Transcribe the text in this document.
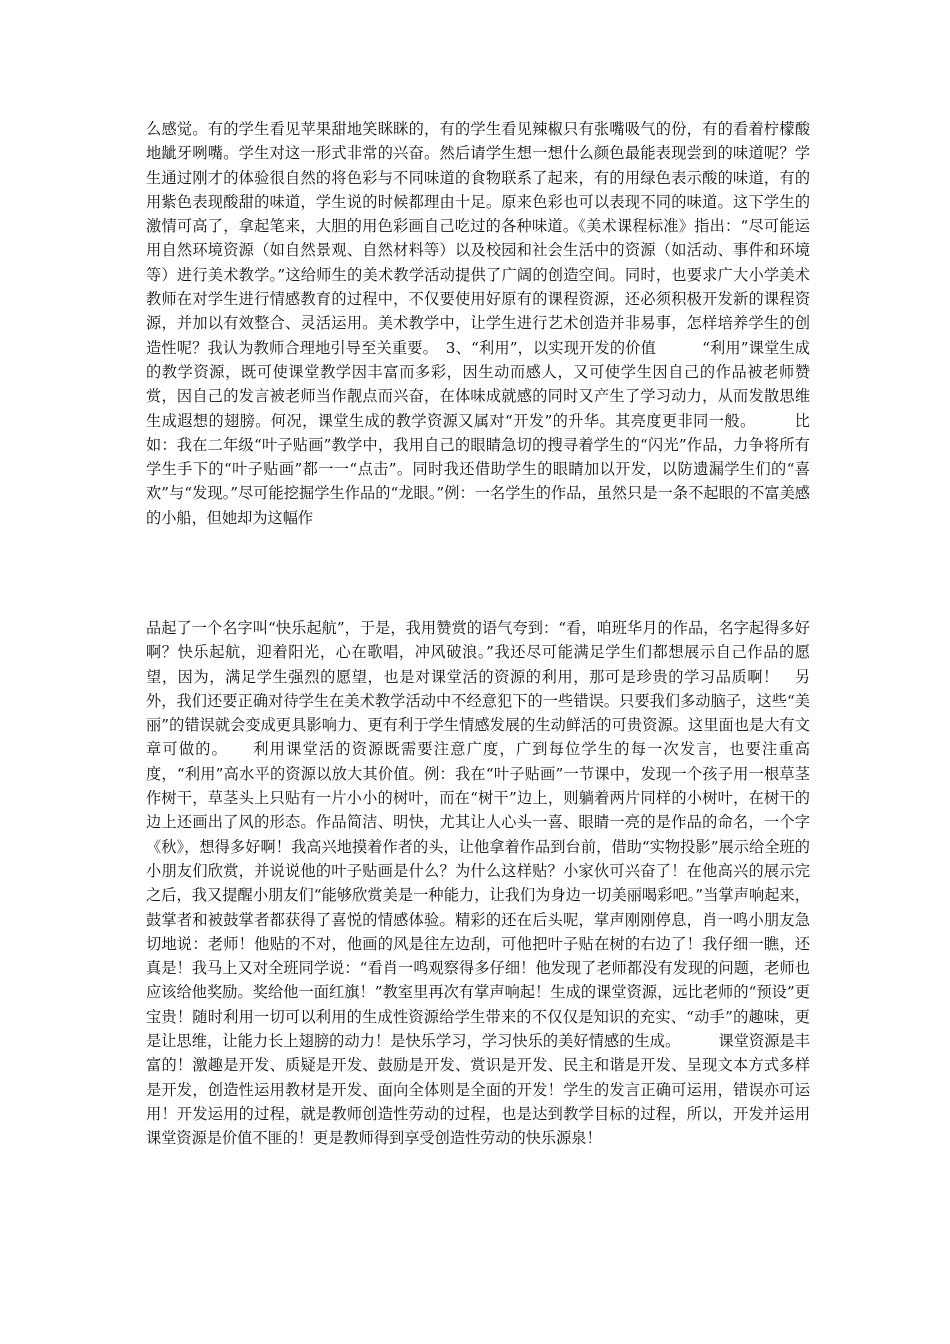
么感觉。有的学生看见苹果甜地笑眯眯的，有的学生看见辣椒只有张嘴吸气的份，有的看着柠檬酸地龇牙咧嘴。学生对这一形式非常的兴奋。然后请学生想一想什么颜色最能表现尝到的味道呢？学生通过刚才的体验很自然的将色彩与不同味道的食物联系了起来，有的用绿色表示酸的味道，有的用紫色表现酸甜的味道，学生说的时候都理由十足。原来色彩也可以表现不同的味道。这下学生的激情可高了，拿起笔来，大胆的用色彩画自己吃过的各种味道。《美术课程标准》指出：“尽可能运用自然环境资源（如自然景观、自然材料等）以及校园和社会生活中的资源（如活动、事件和环境等）进行美术教学。”这给师生的美术教学活动提供了广阔的创造空间。同时，也要求广大小学美术教师在对学生进行情感教育的过程中，不仅要使用好原有的课程资源，还必须积极开发新的课程资源，并加以有效整合、灵活运用。美术教学中，让学生进行艺术创造并非易事，怎样培养学生的创造性呢？我认为教师合理地引导至关重要。　3、“利用”，以实现开发的价值　　　“利用”课堂生成的教学资源，既可使课堂教学因丰富而多彩，因生动而感人，又可使学生因自己的作品被老师赞赏，因自己的发言被老师当作靓点而兴奋，在体味成就感的同时又产生了学习动力，从而发散思维生成遐想的翅膀。何况，课堂生成的教学资源又属对“开发”的升华。其亮度更非同一般。　　　比如：我在二年级“叶子贴画”教学中，我用自己的眼睛急切的搜寻着学生的“闪光”作品，力争将所有学生手下的“叶子贴画”都一一“点击”。同时我还借助学生的眼睛加以开发，以防遗漏学生们的“喜欢”与“发现。”尽可能挖掘学生作品的“龙眼。”例：一名学生的作品，虽然只是一条不起眼的不富美感的小船，但她却为这幅作

品起了一个名字叫“快乐起航”，于是，我用赞赏的语气夸到：“看，咱班华月的作品，名字起得多好啊？快乐起航，迎着阳光，心在歌唱，冲风破浪。”我还尽可能满足学生们都想展示自己作品的愿望，因为，满足学生强烈的愿望，也是对课堂活的资源的利用，那可是珍贵的学习品质啊！　另外，我们还要正确对待学生在美术教学活动中不经意犯下的一些错误。只要我们多动脑子，这些“美丽”的错误就会变成更具影响力、更有利于学生情感发展的生动鲜活的可贵资源。这里面也是大有文章可做的。　　利用课堂活的资源既需要注意广度，广到每位学生的每一次发言，也要注重高度，“利用”高水平的资源以放大其价值。例：我在“叶子贴画”一节课中，发现一个孩子用一根草茎作树干，草茎头上只贴有一片小小的树叶，而在“树干”边上，则躺着两片同样的小树叶，在树干的边上还画出了风的形态。作品简洁、明快，尤其让人心头一喜、眼睛一亮的是作品的命名，一个字《秋》，想得多好啊！我高兴地摸着作者的头，让他拿着作品到台前，借助“实物投影”展示给全班的小朋友们欣赏，并说说他的叶子贴画是什么？为什么这样贴？小家伙可兴奋了！在他高兴的展示完之后，我又提醒小朋友们“能够欣赏美是一种能力，让我们为身边一切美丽喝彩吧。”当掌声响起来，鼓掌者和被鼓掌者都获得了喜悦的情感体验。精彩的还在后头呢，掌声刚刚停息，肖一鸣小朋友急切地说：老师！他贴的不对，他画的风是往左边刮，可他把叶子贴在树的右边了！我仔细一瞧，还真是！我马上又对全班同学说：“看肖一鸣观察得多仔细！他发现了老师都没有发现的问题，老师也应该给他奖励。奖给他一面红旗！”教室里再次有掌声响起！生成的课堂资源，远比老师的“预设”更宝贵！随时利用一切可以利用的生成性资源给学生带来的不仅仅是知识的充实、“动手”的趣味，更是让思维，让能力长上翅膀的动力！是快乐学习，学习快乐的美好情感的生成。　　　课堂资源是丰富的！激趣是开发、质疑是开发、鼓励是开发、赏识是开发、民主和谐是开发、呈现文本方式多样是开发，创造性运用教材是开发、面向全体则是全面的开发！学生的发言正确可运用，错误亦可运用！开发运用的过程，就是教师创造性劳动的过程，也是达到教学目标的过程，所以，开发并运用课堂资源是价值不匪的！更是教师得到享受创造性劳动的快乐源泉！
